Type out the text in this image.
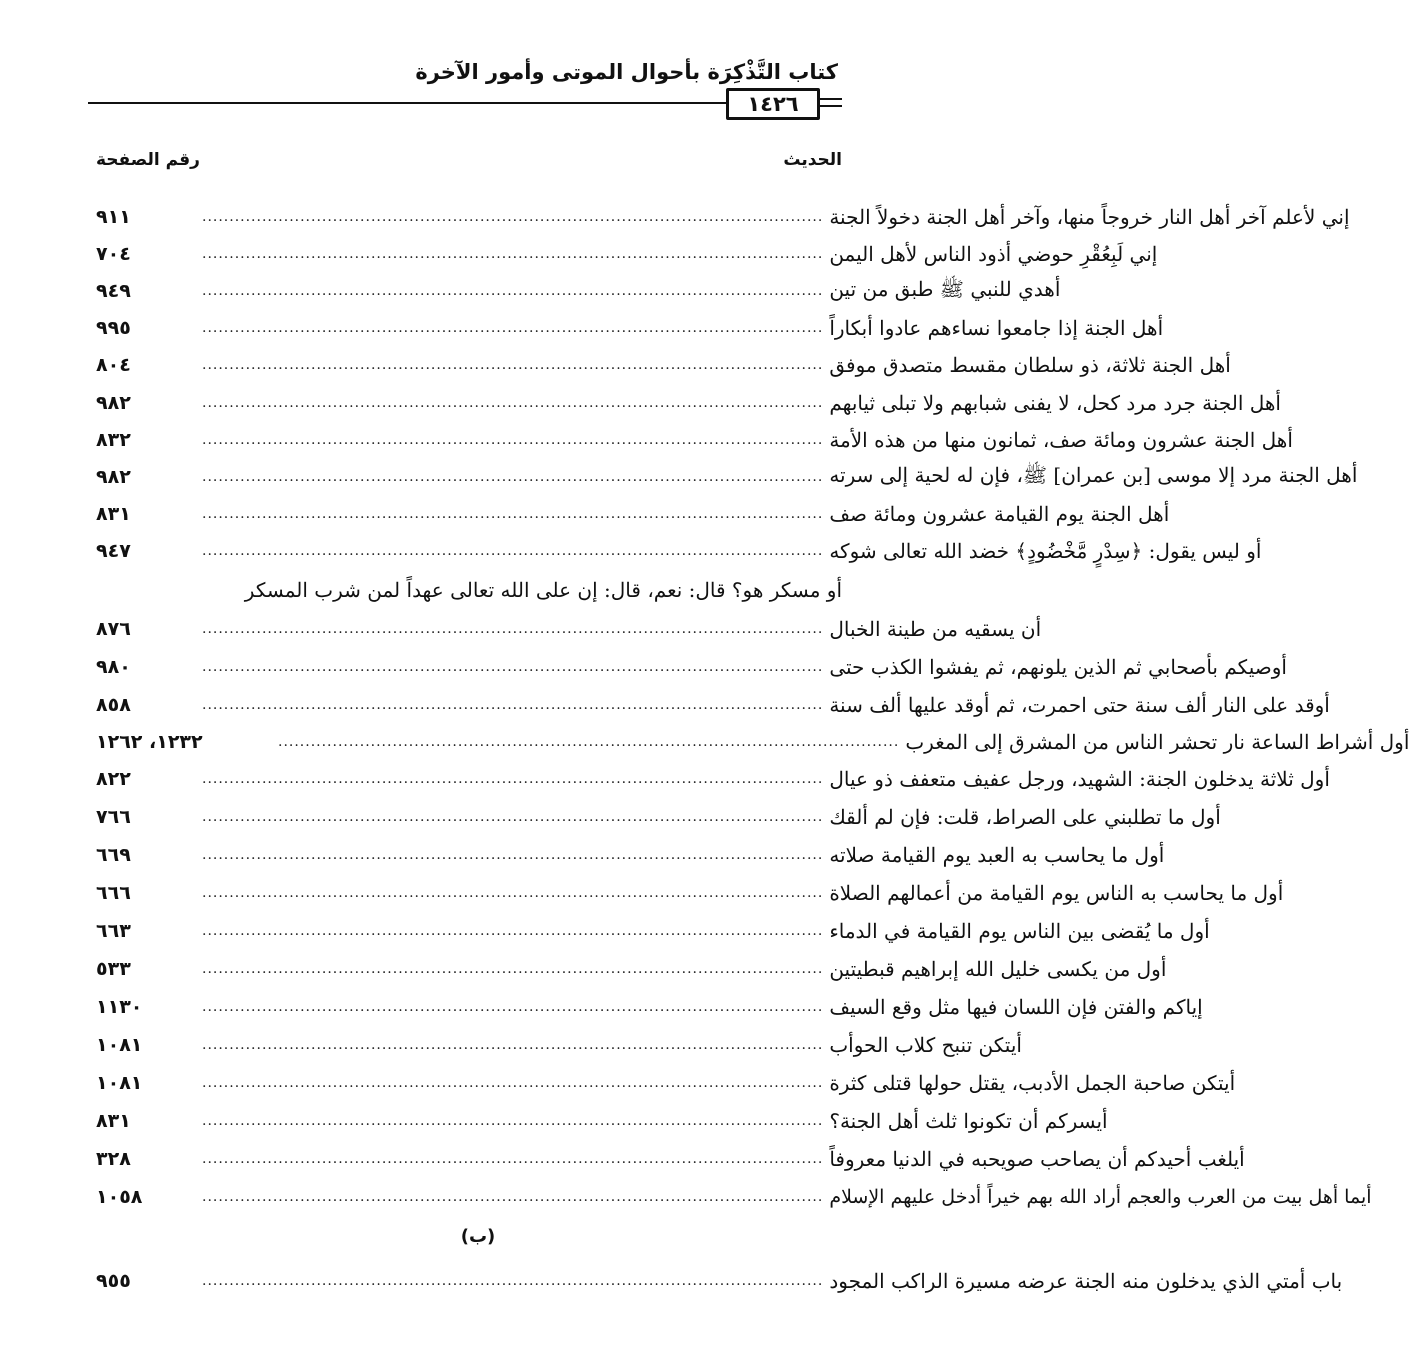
كتاب التَّذْكِرَة بأحوال الموتى وأمور الآخرة
١٤٢٦
الحديث
رقم الصفحة
٩١١	.................................................................................................................. إني لأعلم آخر أهل النار خروجاً منها، وآخر أهل الجنة دخولاً الجنة
٧٠٤	.................................................................................................................. إني لَبِعُقْرِ حوضي أذود الناس لأهل اليمن
٩٤٩	.................................................................................................................. أهدي للنبي ﷺ طبق من تين
٩٩٥	.................................................................................................................. أهل الجنة إذا جامعوا نساءهم عادوا أبكاراً
٨٠٤	.................................................................................................................. أهل الجنة ثلاثة، ذو سلطان مقسط متصدق موفق
٩٨٢	.................................................................................................................. أهل الجنة جرد مرد كحل، لا يفنى شبابهم ولا تبلى ثيابهم
٨٣٢	.................................................................................................................. أهل الجنة عشرون ومائة صف، ثمانون منها من هذه الأمة
٩٨٢	.................................................................................................................. أهل الجنة مرد إلا موسى [بن عمران] ﷺ، فإن له لحية إلى سرته
٨٣١	.................................................................................................................. أهل الجنة يوم القيامة عشرون ومائة صف
٩٤٧	.................................................................................................................. أو ليس يقول: ﴿سِدْرٍ مَّخْضُودٍ﴾ خضد الله تعالى شوكه
أو مسكر هو؟ قال: نعم، قال: إن على الله تعالى عهداً لمن شرب المسكر
٨٧٦	.................................................................................................................. أن يسقيه من طينة الخبال
٩٨٠	.................................................................................................................. أوصيكم بأصحابي ثم الذين يلونهم، ثم يفشوا الكذب حتى
٨٥٨	.................................................................................................................. أوقد على النار ألف سنة حتى احمرت، ثم أوقد عليها ألف سنة
١٢٣٢، ١٢٦٢	.................................................................................................................. أول أشراط الساعة نار تحشر الناس من المشرق إلى المغرب
٨٢٢	.................................................................................................................. أول ثلاثة يدخلون الجنة: الشهيد، ورجل عفيف متعفف ذو عيال
٧٦٦	.................................................................................................................. أول ما تطلبني على الصراط، قلت: فإن لم ألقك
٦٦٩	.................................................................................................................. أول ما يحاسب به العبد يوم القيامة صلاته
٦٦٦	.................................................................................................................. أول ما يحاسب به الناس يوم القيامة من أعمالهم الصلاة
٦٦٣	.................................................................................................................. أول ما يُقضى بين الناس يوم القيامة في الدماء
٥٣٣	.................................................................................................................. أول من يكسى خليل الله إبراهيم قبطيتين
١١٣٠	.................................................................................................................. إياكم والفتن فإن اللسان فيها مثل وقع السيف
١٠٨١	.................................................................................................................. أيتكن تنبح كلاب الحوأب
١٠٨١	.................................................................................................................. أيتكن صاحبة الجمل الأدبب، يقتل حولها قتلى كثرة
٨٣١	.................................................................................................................. أيسركم أن تكونوا ثلث أهل الجنة؟
٣٢٨	.................................................................................................................. أيلغب أحيدكم أن يصاحب صويحبه في الدنيا معروفاً
١٠٥٨	.................................................................................................................. أيما أهل بيت من العرب والعجم أراد الله بهم خيراً أدخل عليهم الإسلام
(ب)
٩٥٥	.................................................................................................................. باب أمتي الذي يدخلون منه الجنة عرضه مسيرة الراكب المجود
